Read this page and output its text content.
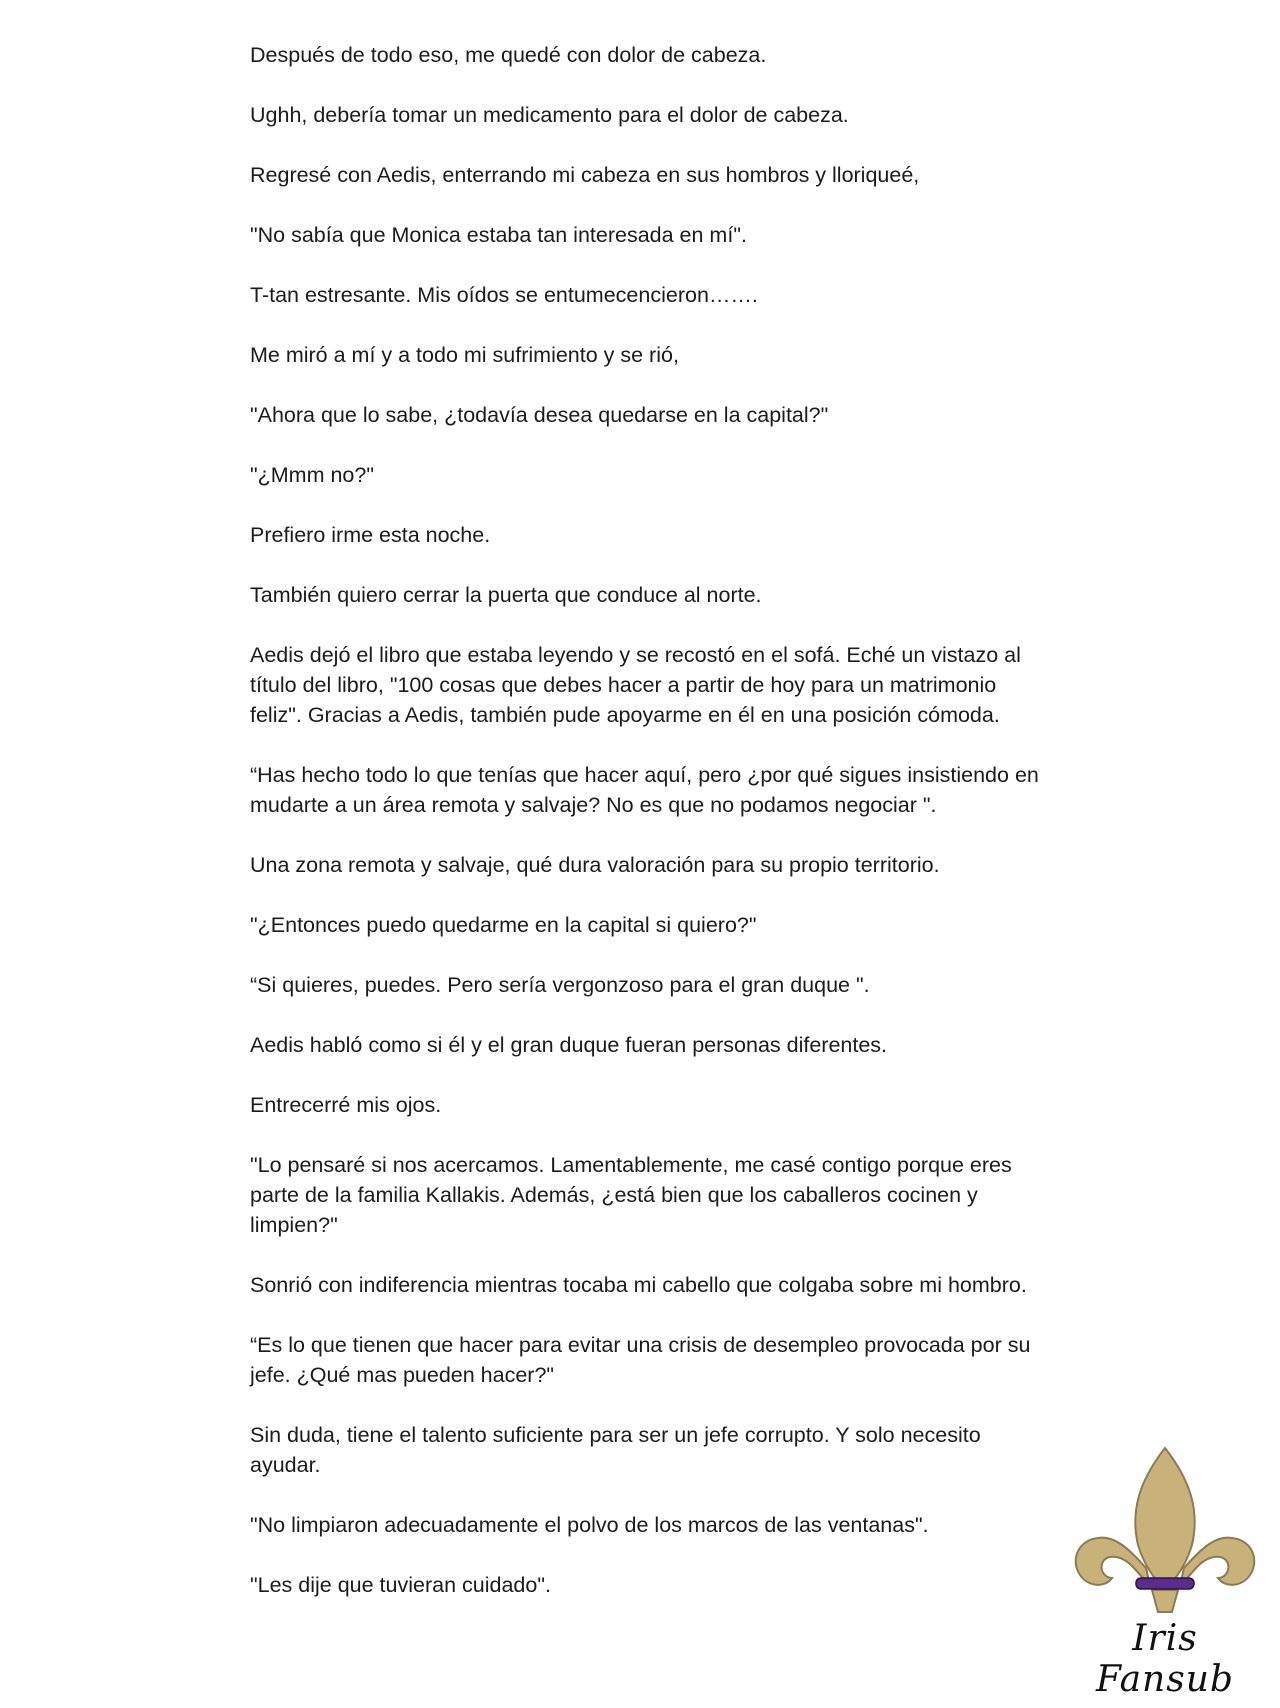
Después de todo eso, me quedé con dolor de cabeza.

Ughh, debería tomar un medicamento para el dolor de cabeza.

Regresé con Aedis, enterrando mi cabeza en sus hombros y lloriqueé,

"No sabía que Monica estaba tan interesada en mí".

T-tan estresante. Mis oídos se entumecencieron…….

Me miró a mí y a todo mi sufrimiento y se rió,

"Ahora que lo sabe, ¿todavía desea quedarse en la capital?"

"¿Mmm no?"

Prefiero irme esta noche.

También quiero cerrar la puerta que conduce al norte.

Aedis dejó el libro que estaba leyendo y se recostó en el sofá. Eché un vistazo al título del libro, "100 cosas que debes hacer a partir de hoy para un matrimonio feliz". Gracias a Aedis, también pude apoyarme en él en una posición cómoda.

“Has hecho todo lo que tenías que hacer aquí, pero ¿por qué sigues insistiendo en mudarte a un área remota y salvaje? No es que no podamos negociar ".

Una zona remota y salvaje, qué dura valoración para su propio territorio.

"¿Entonces puedo quedarme en la capital si quiero?"

“Si quieres, puedes. Pero sería vergonzoso para el gran duque ".

Aedis habló como si él y el gran duque fueran personas diferentes.

Entrecerré mis ojos.

"Lo pensaré si nos acercamos. Lamentablemente, me casé contigo porque eres parte de la familia Kallakis. Además, ¿está bien que los caballeros cocinen y limpien?"

Sonrió con indiferencia mientras tocaba mi cabello que colgaba sobre mi hombro.

“Es lo que tienen que hacer para evitar una crisis de desempleo provocada por su jefe. ¿Qué mas pueden hacer?"

Sin duda, tiene el talento suficiente para ser un jefe corrupto. Y solo necesito ayudar.

"No limpiaron adecuadamente el polvo de los marcos de las ventanas".

"Les dije que tuvieran cuidado".

Iris Fansub
